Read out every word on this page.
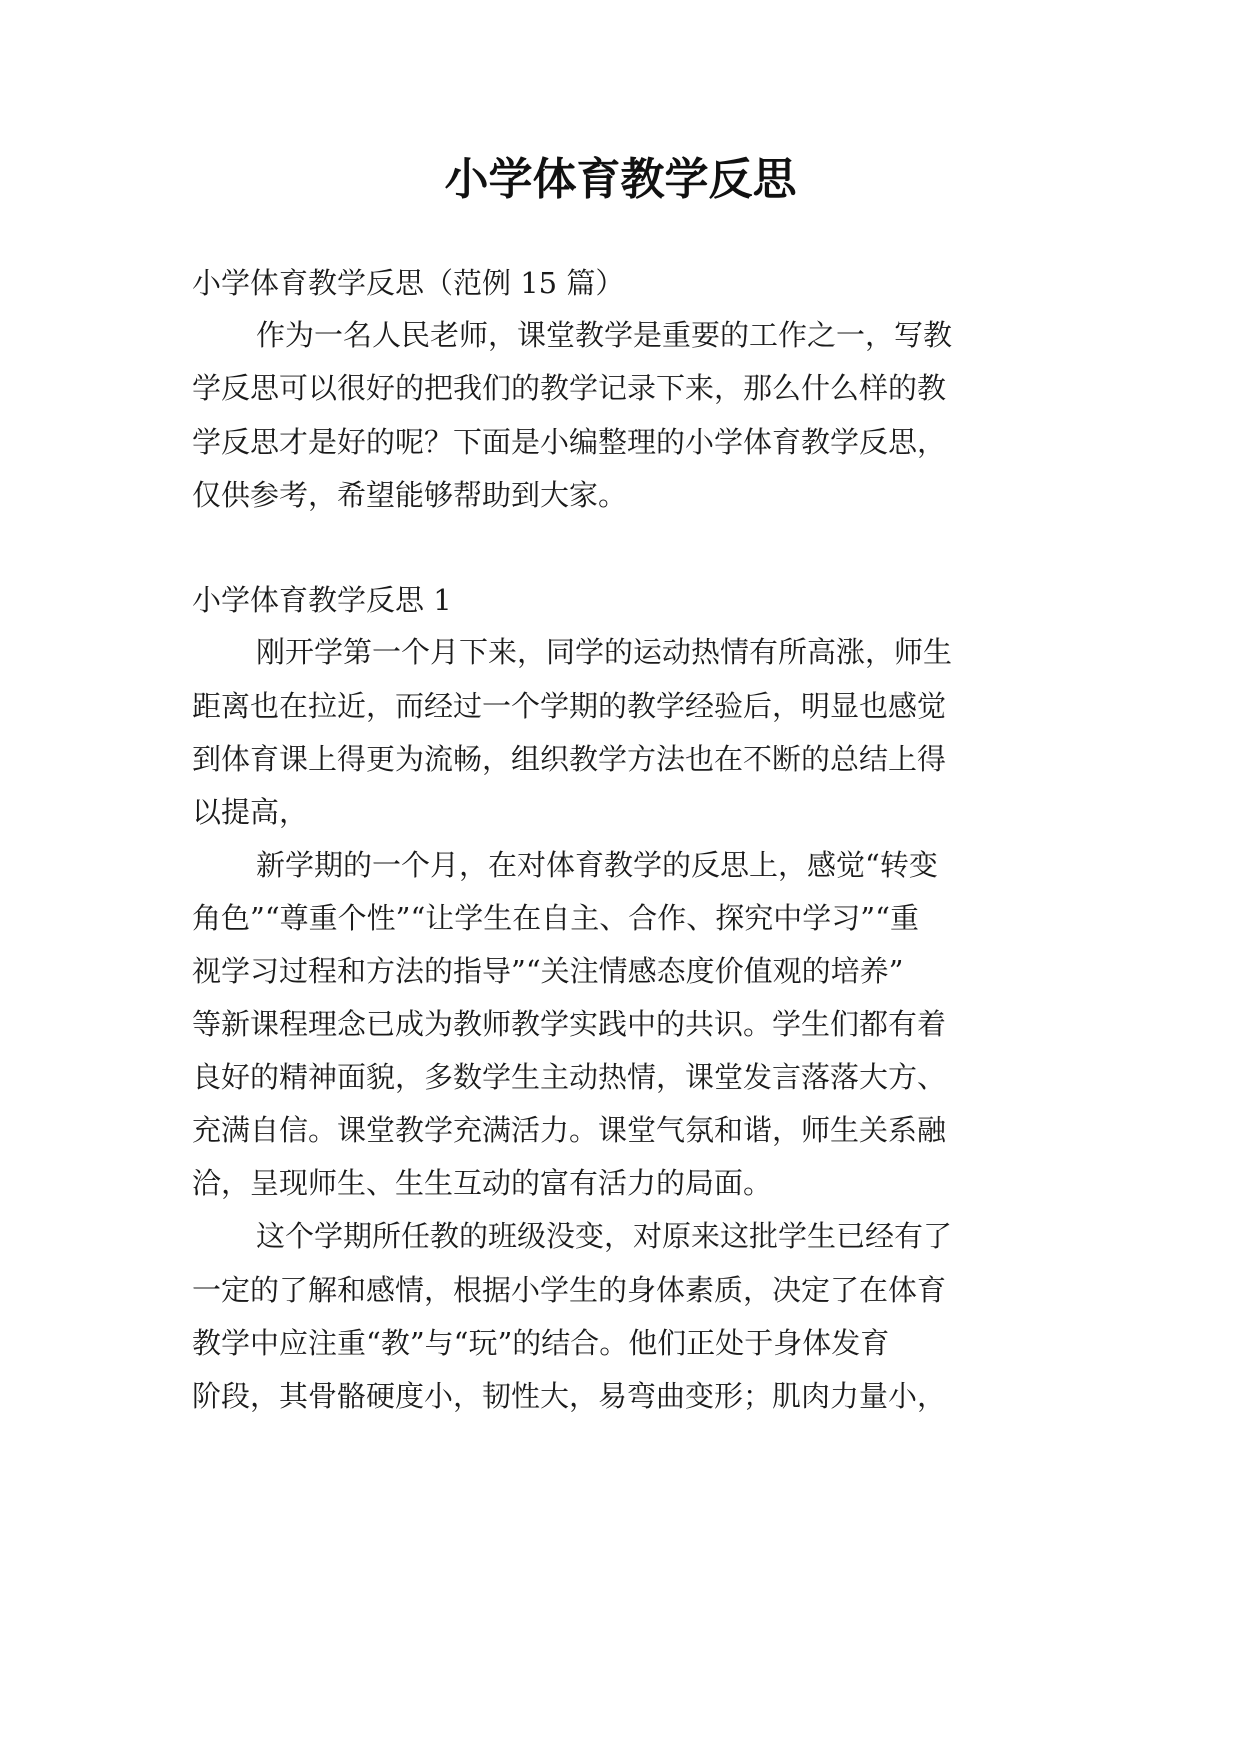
小学体育教学反思

小学体育教学反思（范例 15 篇）

作为一名人民老师，课堂教学是重要的工作之一，写教

学反思可以很好的把我们的教学记录下来，那么什么样的教

学反思才是好的呢？下面是小编整理的小学体育教学反思，

仅供参考，希望能够帮助到大家。

小学体育教学反思 1

刚开学第一个月下来，同学的运动热情有所高涨，师生

距离也在拉近，而经过一个学期的教学经验后，明显也感觉

到体育课上得更为流畅，组织教学方法也在不断的总结上得

以提高，

新学期的一个月，在对体育教学的反思上，感觉“转变

角色”“尊重个性”“让学生在自主、合作、探究中学习”“重

视学习过程和方法的指导”“关注情感态度价值观的培养”

等新课程理念已成为教师教学实践中的共识。学生们都有着

良好的精神面貌，多数学生主动热情，课堂发言落落大方、

充满自信。课堂教学充满活力。课堂气氛和谐，师生关系融

洽，呈现师生、生生互动的富有活力的局面。

这个学期所任教的班级没变，对原来这批学生已经有了

一定的了解和感情，根据小学生的身体素质，决定了在体育

教学中应注重“教”与“玩”的结合。他们正处于身体发育

阶段，其骨骼硬度小，韧性大，易弯曲变形；肌肉力量小，
